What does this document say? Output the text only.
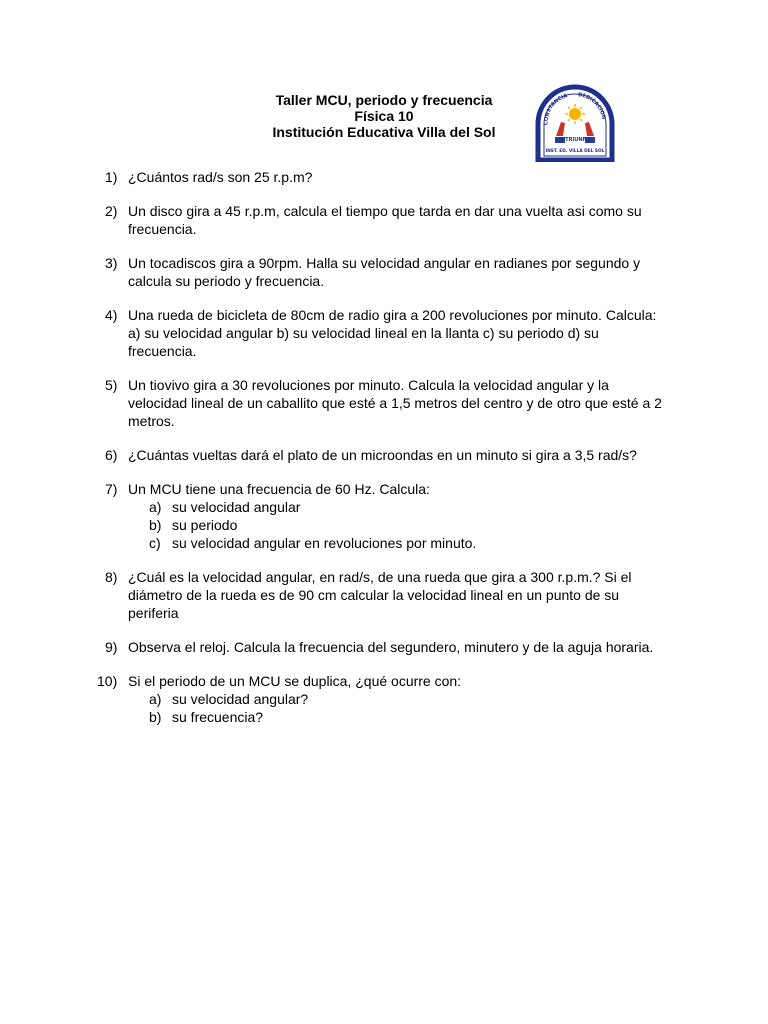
Taller MCU, periodo y frecuencia
Física 10
Institución Educativa Villa del Sol
CONSTANCIA DEDICACION
Y TRIUNFO
INST. ED. VILLA DEL SOL
1) ¿Cuántos rad/s son 25 r.p.m?
2) Un disco gira a 45 r.p.m, calcula el tiempo que tarda en dar una vuelta asi como su frecuencia.
3) Un tocadiscos gira a 90rpm. Halla su velocidad angular en radianes por segundo y calcula su periodo y frecuencia.
4) Una rueda de bicicleta de 80cm de radio gira a 200 revoluciones por minuto. Calcula: a) su velocidad angular b) su velocidad lineal en la llanta c) su periodo d) su frecuencia.
5) Un tiovivo gira a 30 revoluciones por minuto. Calcula la velocidad angular y la velocidad lineal de un caballito que esté a 1,5 metros del centro y de otro que esté a 2 metros.
6) ¿Cuántas vueltas dará el plato de un microondas en un minuto si gira a 3,5 rad/s?
7) Un MCU tiene una frecuencia de 60 Hz. Calcula:
a) su velocidad angular
b) su periodo
c) su velocidad angular en revoluciones por minuto.
8) ¿Cuál es la velocidad angular, en rad/s, de una rueda que gira a 300 r.p.m.? Si el diámetro de la rueda es de 90 cm calcular la velocidad lineal en un punto de su periferia
9) Observa el reloj. Calcula la frecuencia del segundero, minutero y de la aguja horaria.
10) Si el periodo de un MCU se duplica, ¿qué ocurre con:
a) su velocidad angular?
b) su frecuencia?
